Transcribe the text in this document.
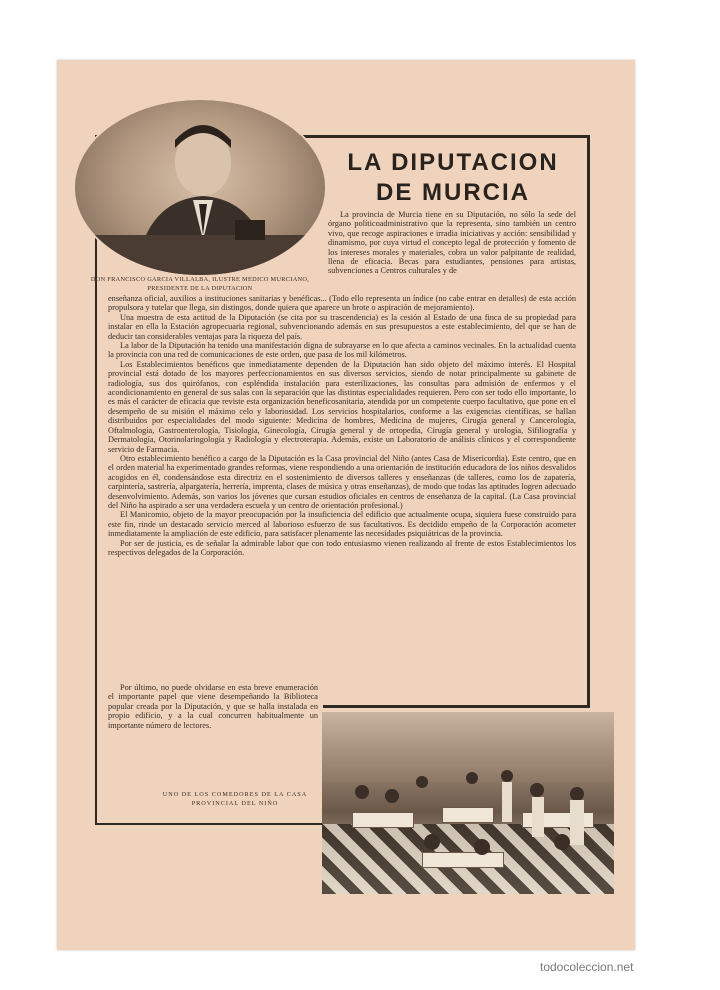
DON FRANCISCO GARCIA VILLALBA, ILUSTRE MEDICO MURCIANO, PRESIDENTE DE LA DIPUTACION
LA DIPUTACION
DE MURCIA
La provincia de Murcia tiene en su Diputación, no sólo la sede del órgano políticoadministrativo que la representa, sino también un centro vivo, que recoge aspiraciones e irradia iniciativas y acción: sensibilidad y dinamismo, por cuya virtud el concepto legal de protección y fomento de los intereses morales y materiales, cobra un valor palpitante de realidad, llena de eficacia. Becas para estudiantes, pensiones para artistas, subvenciones a Centros culturales y de

enseñanza oficial, auxilios a instituciones sanitarias y benéficas... (Todo ello representa un índice (no cabe entrar en detalles) de esta acción propulsora y tutelar que llega, sin distingos, donde quiera que aparece un brote o aspiración de mejoramiento).

Una muestra de esta actitud de la Diputación (se cita por su trascendencia) es la cesión al Estado de una finca de su propiedad para instalar en ella la Estación agropecuaria regional, subvencionando además en sus presupuestos a este establecimiento, del que se han de deducir tan considerables ventajas para la riqueza del país.

La labor de la Diputación ha tenido una manifestación digna de subrayarse en lo que afecta a caminos vecinales. En la actualidad cuenta la provincia con una red de comunicaciones de este orden, que pasa de los mil kilómetros.

Los Establecimientos benéficos que inmediatamente dependen de la Diputación han sido objeto del máximo interés. El Hospital provincial está dotado de los mayores perfeccionamientos en sus diversos servicios, siendo de notar principalmente su gabinete de radiología, sus dos quirófanos, con espléndida instalación para esterilizaciones, las consultas para admisión de enfermos y el acondicionamiento en general de sus salas con la separación que las distintas especialidades requieren. Pero con ser todo ello importante, lo es más el carácter de eficacia que reviste esta organización beneficosanitaria, atendida por un competente cuerpo facultativo, que pone en el desempeño de su misión el máximo celo y laboriosidad. Los servicios hospitalarios, conforme a las exigencias científicas, se hallan distribuidos por especialidades del modo siguiente: Medicina de hombres, Medicina de mujeres, Cirugía general y Cancerología, Oftalmología, Gastroenterología, Tisiología, Ginecología, Cirugía general y de ortopedia, Cirugía general y urología, Sifiliografía y Dermatología, Otorinolaringología y Radiología y electroterapia. Además, existe un Laboratorio de análisis clínicos y el correspondiente servicio de Farmacia.

Otro establecimiento benéfico a cargo de la Diputación es la Casa provincial del Niño (antes Casa de Misericordia). Este centro, que en el orden material ha experimentado grandes reformas, viene respondiendo a una orientación de institución educadora de los niños desvalidos acogidos en él, condensándose esta directriz en el sostenimiento de diversos talleres y enseñanzas (de talleres, como los de zapatería, carpintería, sastrería, alpargatería, herrería, imprenta, clases de música y otras enseñanzas), de modo que todas las aptitudes logren adecuado desenvolvimiento. Además, son varios los jóvenes que cursan estudios oficiales en centros de enseñanza de la capital. (La Casa provincial del Niño ha aspirado a ser una verdadera escuela y un centro de orientación profesional.)

El Manicomio, objeto de la mayor preocupación por la insuficiencia del edificio que actualmente ocupa, siquiera fuese construido para este fin, rinde un destacado servicio merced al laborioso esfuerzo de sus facultativos. Es decidido empeño de la Corporación acometer inmediatamente la ampliación de este edificio, para satisfacer plenamente las necesidades psiquiátricas de la provincia.

Por ser de justicia, es de señalar la admirable labor que con todo entusiasmo vienen realizando al frente de estos Establecimientos los respectivos delegados de la Corporación.

Por último, no puede olvidarse en esta breve enumeración el importante papel que viene desempeñando la Biblioteca popular creada por la Diputación, y que se halla instalada en propio edificio, y a la cual concurren habitualmente un importante número de lectores.

UNO DE LOS COMEDORES DE LA CASA PROVINCIAL DEL NIÑO
todocoleccion.net
